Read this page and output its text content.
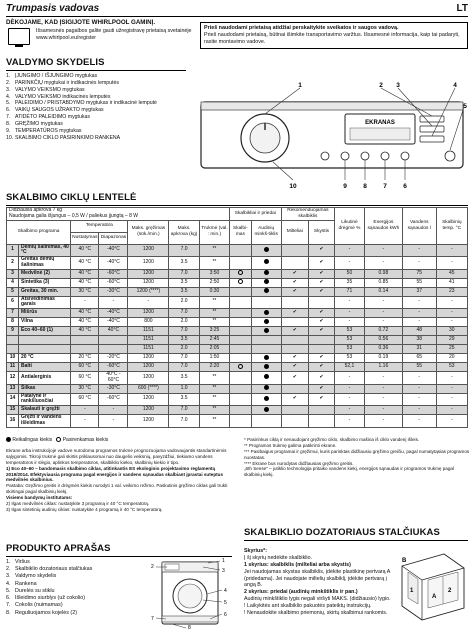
Trumpasis vadovas	LT
DĖKOJAME, KAD ĮSIGIJOTE WHIRLPOOL GAMINĮ.
Išsamesnės pagalbos galite gauti užregistravę prietaisą svetainėje www.whirlpool.eu/register
Prieš naudodami prietaisą atidžiai perskaitykite sveikatos ir saugos vadovą.
Prieš naudodami prietaisą, būtinai išimkite transportavimo varžtus. Išsamesnė informacija, kaip tai padaryti, rasite montavimo vadove.
VALDYMO SKYDELIS
1. ĮJUNGIMO / IŠJUNGIMO mygtukas
2. PARINKČIŲ mygtukai ir indikacinės lemputės
3. VALYMO VEIKSMO mygtukas
4. VALYMO VEIKSMO indikacinės lemputės
5. PALEIDIMO / PRISTABDYMO mygtukas ir indikacinė lemputė
6. VAIKŲ SAUGOS UŽRAKTO mygtukas
7. ATIDĖTO PALEIDIMO mygtukas
8. GRĘŽIMO mygtukas
9. TEMPERATŪROS mygtukas
10. SKALBIMO CIKLO PASIRINKIMO RANKENA
EKRANAS
1	2 3	4
5
6
7
8
9
10
SKALBIMO CIKLŲ LENTELĖ
Didžiausia apkrova 7 kg
Naudojama galia išjungus – 0,5 W / paliekus įjungtą – 8 W							Skalbikliai ir priedai		Rekomenduojamas skalbiklis		Likutinė drėgmė %	Energijos sąnaudos kWh	Vandens sąnaudos l	Skalbinių temp. °C
Skalbimo programa		Temperatūra		Maks. gręžimas (sūk./min.)	Maks. apkrova (kg)	Trukmė (val. : min.)	Skalbi-mas	Audinių minkš-tiklis	Milteliai	Skystis				
		Nustatymas	Diapazonas											
1	Dėmių šalinimas, 40 °C	40 °C	-40°C	1200	7.0	**				✔	-	-	-	-
2	Greitas dėmių šalinimas	40 °C	-40°C	1200	3.5	**				✔	-	-	-	-
3	Medvilnė (2)	40 °C	-60°C	1200	7.0	3:50			✔	✔	50	0.98	75	45
4	Sintetika (3)	40 °C	-60°C	1200	3.5	2:50			✔	✔	35	0.85	55	41
5	Greitas, 30 min.	30 °C	-30°C	1200 (****)	3.5	0:30			✔	✔	71	0.14	37	23
6	Atsivėdinimas garais	-	-	-	2.0	**					-	-	-	-
7	Mišrūs	40 °C	-40°C	1200	7.0	**			✔	✔	-	-	-	-
8	Vilna	40 °C	-40°C	800	2.0	**				✔	-	-	-	-
9	Eco 40–60 (1)	40 °C	40°C	1151	7.0	3:25			✔	✔	53	0.72	48	30
				1151	3.5	2:45					53	0.56	38	29
				1151	2.0	2:05					53	0.36	31	25
10	20 °C	20 °C	-20°C	1200	7.0	1:50			✔	✔	53	0.19	65	20
11	Balti	60 °C	-60°C	1200	7.0	2:20			✔	✔	52,1	1.16	55	53
12	Antialerginis	60 °C	40°C - 60°C	1200	3.5	**			✔	✔	-	-	-	-
13	Šilkas	30 °C	-30°C	600 (****)	1.0	**				✔	-	-	-	-
14	Patalynė ir rankšluosčiai	60 °C	-60°C	1200	3.5	**			✔	✔	-	-	-	-
15	Skalauti ir gręžti	-	-	1200	7.0	**					-	-	-	-
16	Gręžti ir vandens išleidimas	-	-	1200	7.0	**					-	-	-	-
Reikalingas kiekis Pasirenkamas kiekis

Ekrane arba instrukcijoje vadove nurodoma programos trukmė prognozuojama vadovaujantis standartinėmis sąlygomis. Tikroji trukmė gali skirtis priklausomai nuo daugelio veiksnių, pavyzdžiui, tiekiamo vandens temperatūros ir slėgio, aplinkos temperatūros, skalbiklio kiekio, skalbinių kiekio ir tipo.

1) Eco 40–60 – bandomasis skalbimo ciklas, atitinkantis ES ekologinio projektavimo reglamentą 2019/2014. Efektyviausia programa pagal energijos ir vandens sąnaudas skalbiant įprastai suteptus medvilnės skalbinius.

Pastaba: Gręžimo greitis ir drėgmės kiekis nurodyti 1 val. veikimo režimo. Paskutinis gręžimo ciklas gali trukti skirtingai pagal skalbinių kiekį.

Visiems bandymų institutams:

2) Ilgas medvilnės ciklas: nustatykite 3 programą ir 40 °C temperatūrą.

3) Ilgas sintetinių audinių ciklas: nustatykite 4 programą ir 40 °C temperatūrą.

* Pasirinkus ciklą ir nenaudojant gręžimo ciklo, skalbimo mašina iš ciklo vandenį išleis.

** Programos trukmę galima patikrinti ekrane.

*** Pasibaigus programai ir gręžimui, kuris parinktas didžiausiu gręžimo greičiu, pagal numatytąsias programos nuostatas.

**** Ekrane bus nurodytas didžiausias gręžimo greitis.

„6th Sense" – jutiklio technologija pritaiko vandens kiekį, energijos sąnaudas ir programos trukmę pagal skalbinių kiekį.

PRODUKTO APRAŠAS
1. Viršus
2. Skalbiklio dozatoriaus stalčiukas
3. Valdymo skydelis
4. Rankena
5. Durelės su stiklu
6. Išleidimo siurblys (už cokolio)
7. Cokolis (nuimamas)
8. Reguliuojamos kojelės (2)
1
2
3
4
5
6
7
8
SKALBIKLIO DOZATORIAUS STALČIUKAS

Skyrius*:

Į šį skyrių nedėkite skalbiklio.

1 skyrius: skalbiklis (milteliai arba skystis)

Jei naudojamas skystas skalbiklis, įdėkite plastikinę pertvarą A (pridedama). Jei naudojate miltelių skalbiklį, įdėkite pertvarą į angą B.

2 skyrius: priedai (audinių minkštiklis ir pan.)

Audinių minkštiklio lygis negali viršyti MAKS. (didžiausio) lygio.

! Laikykitės ant skalbiklio pakuotės pateiktų instrukcijų.

! Nenaudokite skalbimo priemonių, skirtų skalbimui rankomis.

1	2
A
B
